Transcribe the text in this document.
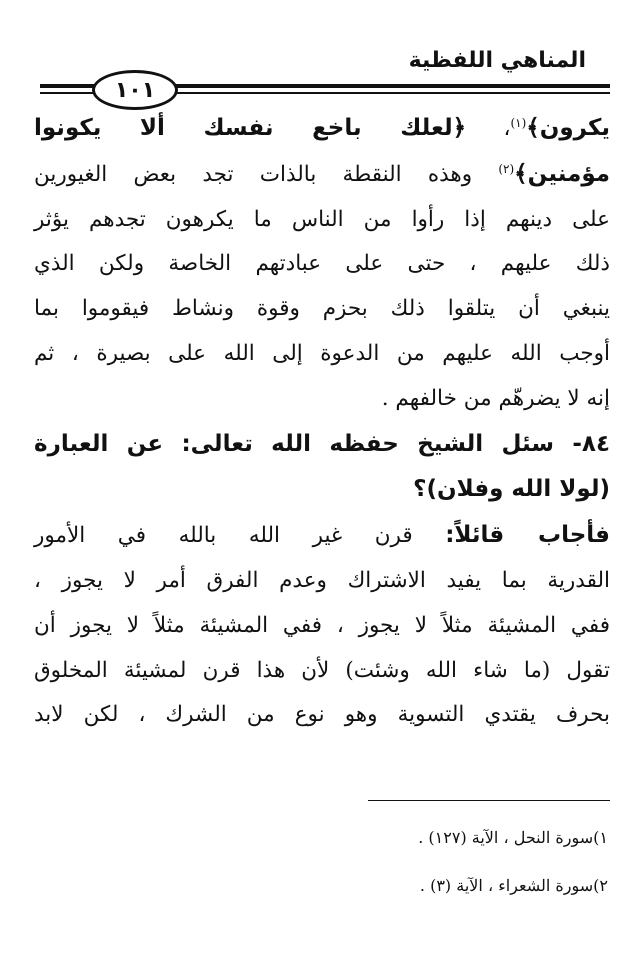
المناهي اللفظية
١٠١
يكرون﴾$^{(١)}$، ﴿لعلك باخع نفسك ألا يكونوا
مؤمنين﴾$^{(٢)}$ وهذه النقطة بالذات تجد بعض الغيورين
على دينهم إذا رأوا من الناس ما يكرهون تجدهم يؤثر
ذلك عليهم ، حتى على عبادتهم الخاصة ولكن الذي
ينبغي أن يتلقوا ذلك بحزم وقوة ونشاط فيقوموا بما
أوجب الله عليهم من الدعوة إلى الله على بصيرة ، ثم
إنه لا يضرهّم من خالفهم .
٨٤- سئل الشيخ حفظه الله تعالى: عن العبارة
(لولا الله وفلان)؟
فأجاب قائلاً: قرن غير الله بالله في الأمور
القدرية بما يفيد الاشتراك وعدم الفرق أمر لا يجوز ،
ففي المشيئة مثلاً لا يجوز ، ففي المشيئة مثلاً لا يجوز أن
تقول (ما شاء الله وشئت) لأن هذا قرن لمشيئة المخلوق
بحرف يقتدي التسوية وهو نوع من الشرك ، لكن لابد
١)سورة النحل ، الآية (١٢٧) .
٢)سورة الشعراء ، الآية (٣) .
